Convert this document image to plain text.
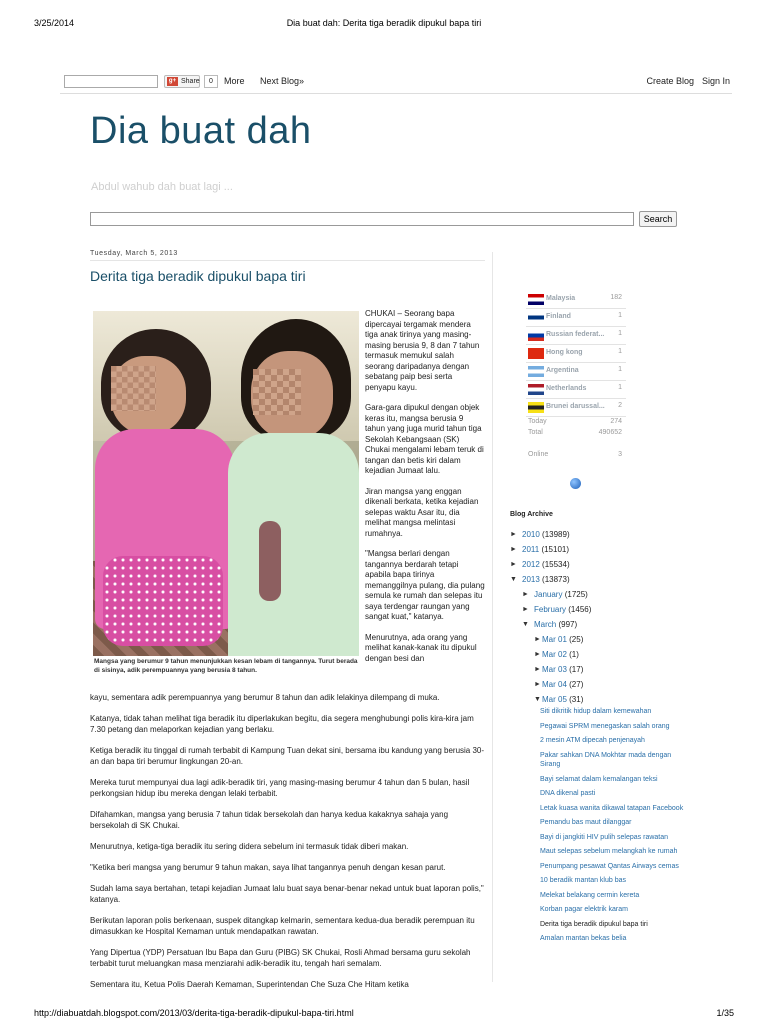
3/25/2014	Dia buat dah: Derita tiga beradik dipukul bapa tiri
g+ Share	0	More Next Blog»	Create Blog Sign In
Dia buat dah
Abdul wahub dah buat lagi ...
Search
Tuesday, March 5, 2013
Derita tiga beradik dipukul bapa tiri
Mangsa yang berumur 9 tahun menunjukkan kesan lebam di tangannya. Turut berada di sisinya, adik perempuannya yang berusia 8 tahun.

CHUKAI – Seorang bapa dipercayai tergamak mendera tiga anak tirinya yang masing-masing berusia 9, 8 dan 7 tahun termasuk memukul salah seorang daripadanya dengan sebatang paip besi serta penyapu kayu.

Gara-gara dipukul dengan objek keras itu, mangsa berusia 9 tahun yang juga murid tahun tiga Sekolah Kebangsaan (SK) Chukai mengalami lebam teruk di tangan dan betis kiri dalam kejadian Jumaat lalu.

Jiran mangsa yang enggan dikenali berkata, ketika kejadian selepas waktu Asar itu, dia melihat mangsa melintasi rumahnya.

"Mangsa berlari dengan tangannya berdarah tetapi apabila bapa tirinya memanggilnya pulang, dia pulang semula ke rumah dan selepas itu saya terdengar raungan yang sangat kuat," katanya.

Menurutnya, ada orang yang melihat kanak-kanak itu dipukul dengan besi dan

kayu, sementara adik perempuannya yang berumur 8 tahun dan adik lelakinya dilempang di muka.

Katanya, tidak tahan melihat tiga beradik itu diperlakukan begitu, dia segera menghubungi polis kira-kira jam 7.30 petang dan melaporkan kejadian yang berlaku.

Ketiga beradik itu tinggal di rumah terbabit di Kampung Tuan dekat sini, bersama ibu kandung yang berusia 30-an dan bapa tiri berumur lingkungan 20-an.

Mereka turut mempunyai dua lagi adik-beradik tiri, yang masing-masing berumur 4 tahun dan 5 bulan, hasil perkongsian hidup ibu mereka dengan lelaki terbabit.

Difahamkan, mangsa yang berusia 7 tahun tidak bersekolah dan hanya kedua kakaknya sahaja yang bersekolah di SK Chukai.

Menurutnya, ketiga-tiga beradik itu sering didera sebelum ini termasuk tidak diberi makan.

"Ketika beri mangsa yang berumur 9 tahun makan, saya lihat tangannya penuh dengan kesan parut.

Sudah lama saya bertahan, tetapi kejadian Jumaat lalu buat saya benar-benar nekad untuk buat laporan polis," katanya.

Berikutan laporan polis berkenaan, suspek ditangkap kelmarin, sementara kedua-dua beradik perempuan itu dimasukkan ke Hospital Kemaman untuk mendapatkan rawatan.

Yang Dipertua (YDP) Persatuan Ibu Bapa dan Guru (PIBG) SK Chukai, Rosli Ahmad bersama guru sekolah terbabit turut meluangkan masa menziarahi adik-beradik itu, tengah hari semalam.

Sementara itu, Ketua Polis Daerah Kemaman, Superintendan Che Suza Che Hitam ketika

Malaysia	182
Finland	1
Russian federat... 1
Hong kong	1
Argentina	1
Netherlands	1
Brunei darussal... 2
Today	274
Total	490652
Online	3
Blog Archive
► 2010 (13989)
► 2011 (15101)
► 2012 (15534)
▼ 2013 (13873)
► January (1725)
► February (1456)
▼ March (997)
► Mar 01 (25)
► Mar 02 (1)
► Mar 03 (17)
► Mar 04 (27)
▼ Mar 05 (31)
Siti dikritik hidup dalam kemewahan
Pegawai SPRM menegaskan salah orang
2 mesin ATM dipecah penjenayah
Pakar sahkan DNA Mokhtar mada dengan Sirang
Bayi selamat dalam kemalangan teksi
DNA dikenal pasti
Letak kuasa wanita dikawal tatapan Facebook
Pemandu bas maut dilanggar
Bayi di jangkiti HIV pulih selepas rawatan
Maut selepas sebelum melangkah ke rumah
Penumpang pesawat Qantas Airways cemas
10 beradik mantan klub bas
Melekat belakang cermin kereta
Korban pagar elektrik karam
Derita tiga beradik dipukul bapa tiri
Amalan mantan bekas belia
http://diabuatdah.blogspot.com/2013/03/derita-tiga-beradik-dipukul-bapa-tiri.html	1/35
